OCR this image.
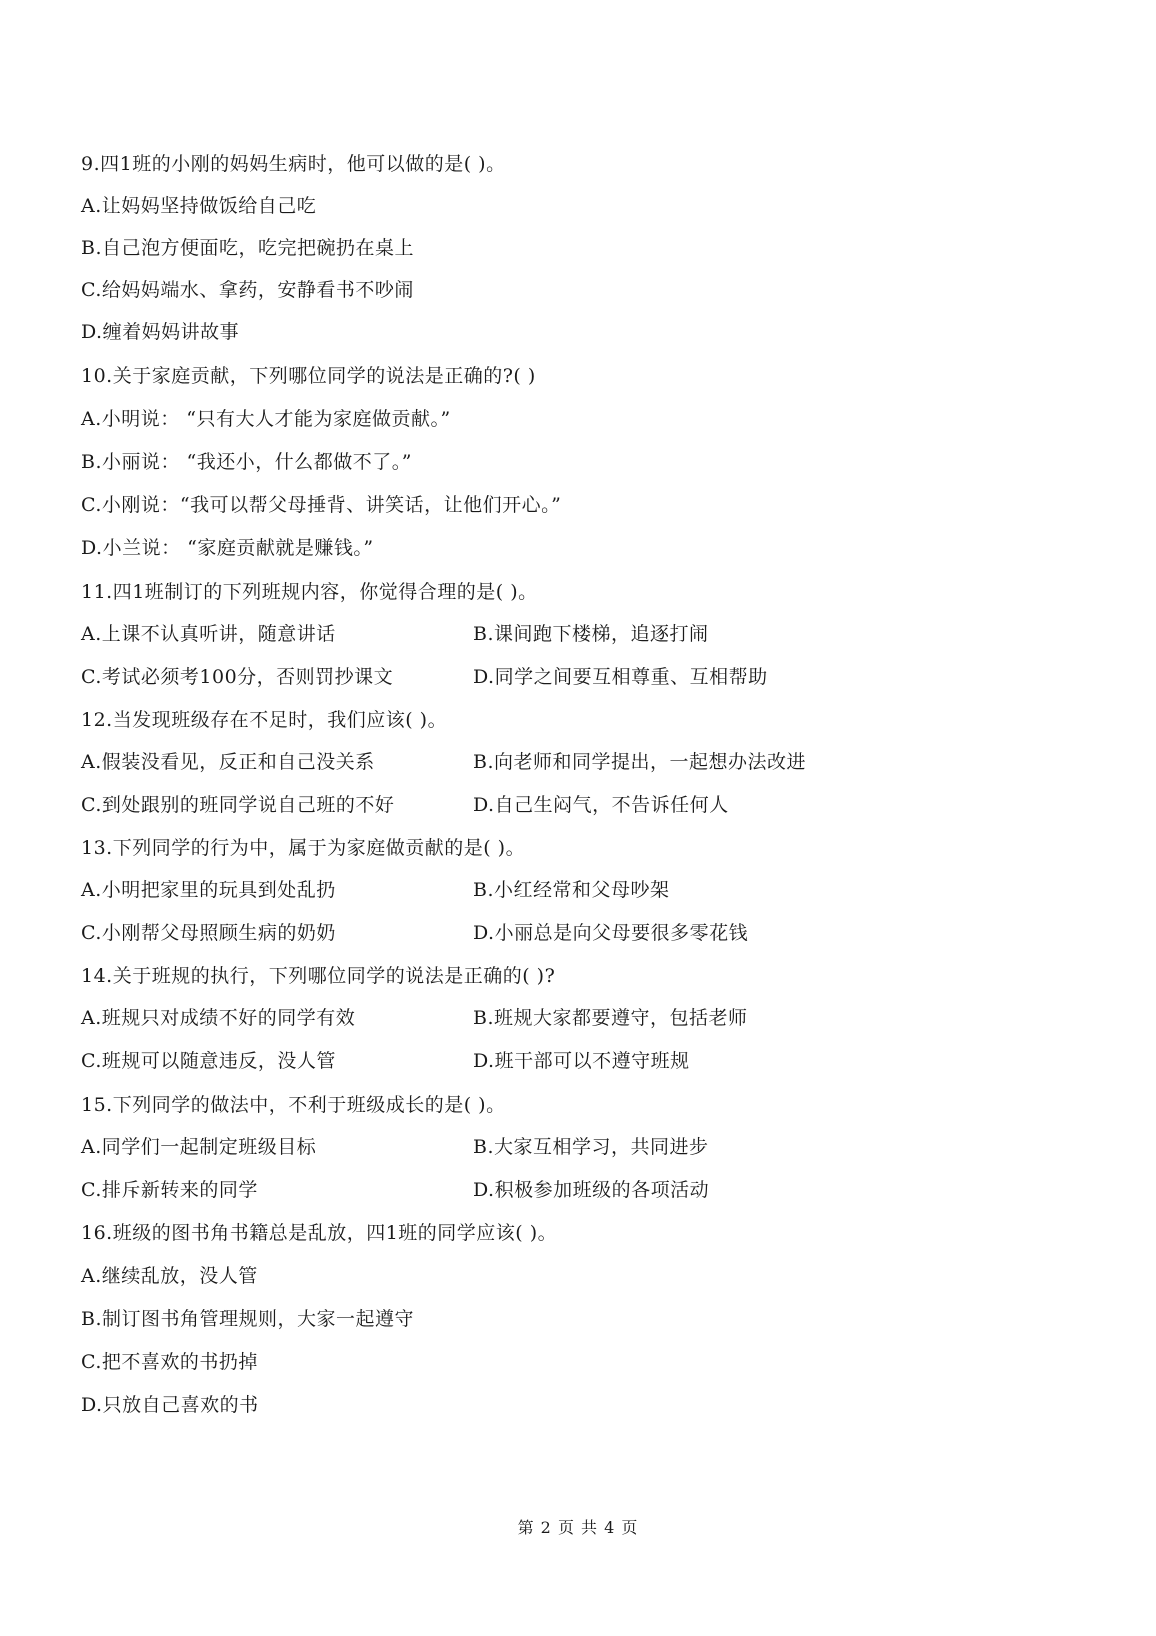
9.四1班的小刚的妈妈生病时，他可以做的是( )。
A.让妈妈坚持做饭给自己吃
B.自己泡方便面吃，吃完把碗扔在桌上
C.给妈妈端水、拿药，安静看书不吵闹
D.缠着妈妈讲故事
10.关于家庭贡献，下列哪位同学的说法是正确的?( )
A.小明说： “只有大人才能为家庭做贡献。”
B.小丽说： “我还小，什么都做不了。”
C.小刚说：“我可以帮父母捶背、讲笑话，让他们开心。”
D.小兰说： “家庭贡献就是赚钱。”
11.四1班制订的下列班规内容，你觉得合理的是( )。
A.上课不认真听讲，随意讲话	B.课间跑下楼梯，追逐打闹
C.考试必须考100分，否则罚抄课文	D.同学之间要互相尊重、互相帮助
12.当发现班级存在不足时，我们应该( )。
A.假装没看见，反正和自己没关系	B.向老师和同学提出，一起想办法改进
C.到处跟别的班同学说自己班的不好	D.自己生闷气，不告诉任何人
13.下列同学的行为中，属于为家庭做贡献的是( )。
A.小明把家里的玩具到处乱扔	B.小红经常和父母吵架
C.小刚帮父母照顾生病的奶奶	D.小丽总是向父母要很多零花钱
14.关于班规的执行，下列哪位同学的说法是正确的( )?
A.班规只对成绩不好的同学有效	B.班规大家都要遵守，包括老师
C.班规可以随意违反，没人管	D.班干部可以不遵守班规
15.下列同学的做法中，不利于班级成长的是( )。
A.同学们一起制定班级目标	B.大家互相学习，共同进步
C.排斥新转来的同学	D.积极参加班级的各项活动
16.班级的图书角书籍总是乱放，四1班的同学应该( )。
A.继续乱放，没人管
B.制订图书角管理规则，大家一起遵守
C.把不喜欢的书扔掉
D.只放自己喜欢的书
第 2 页 共 4 页
